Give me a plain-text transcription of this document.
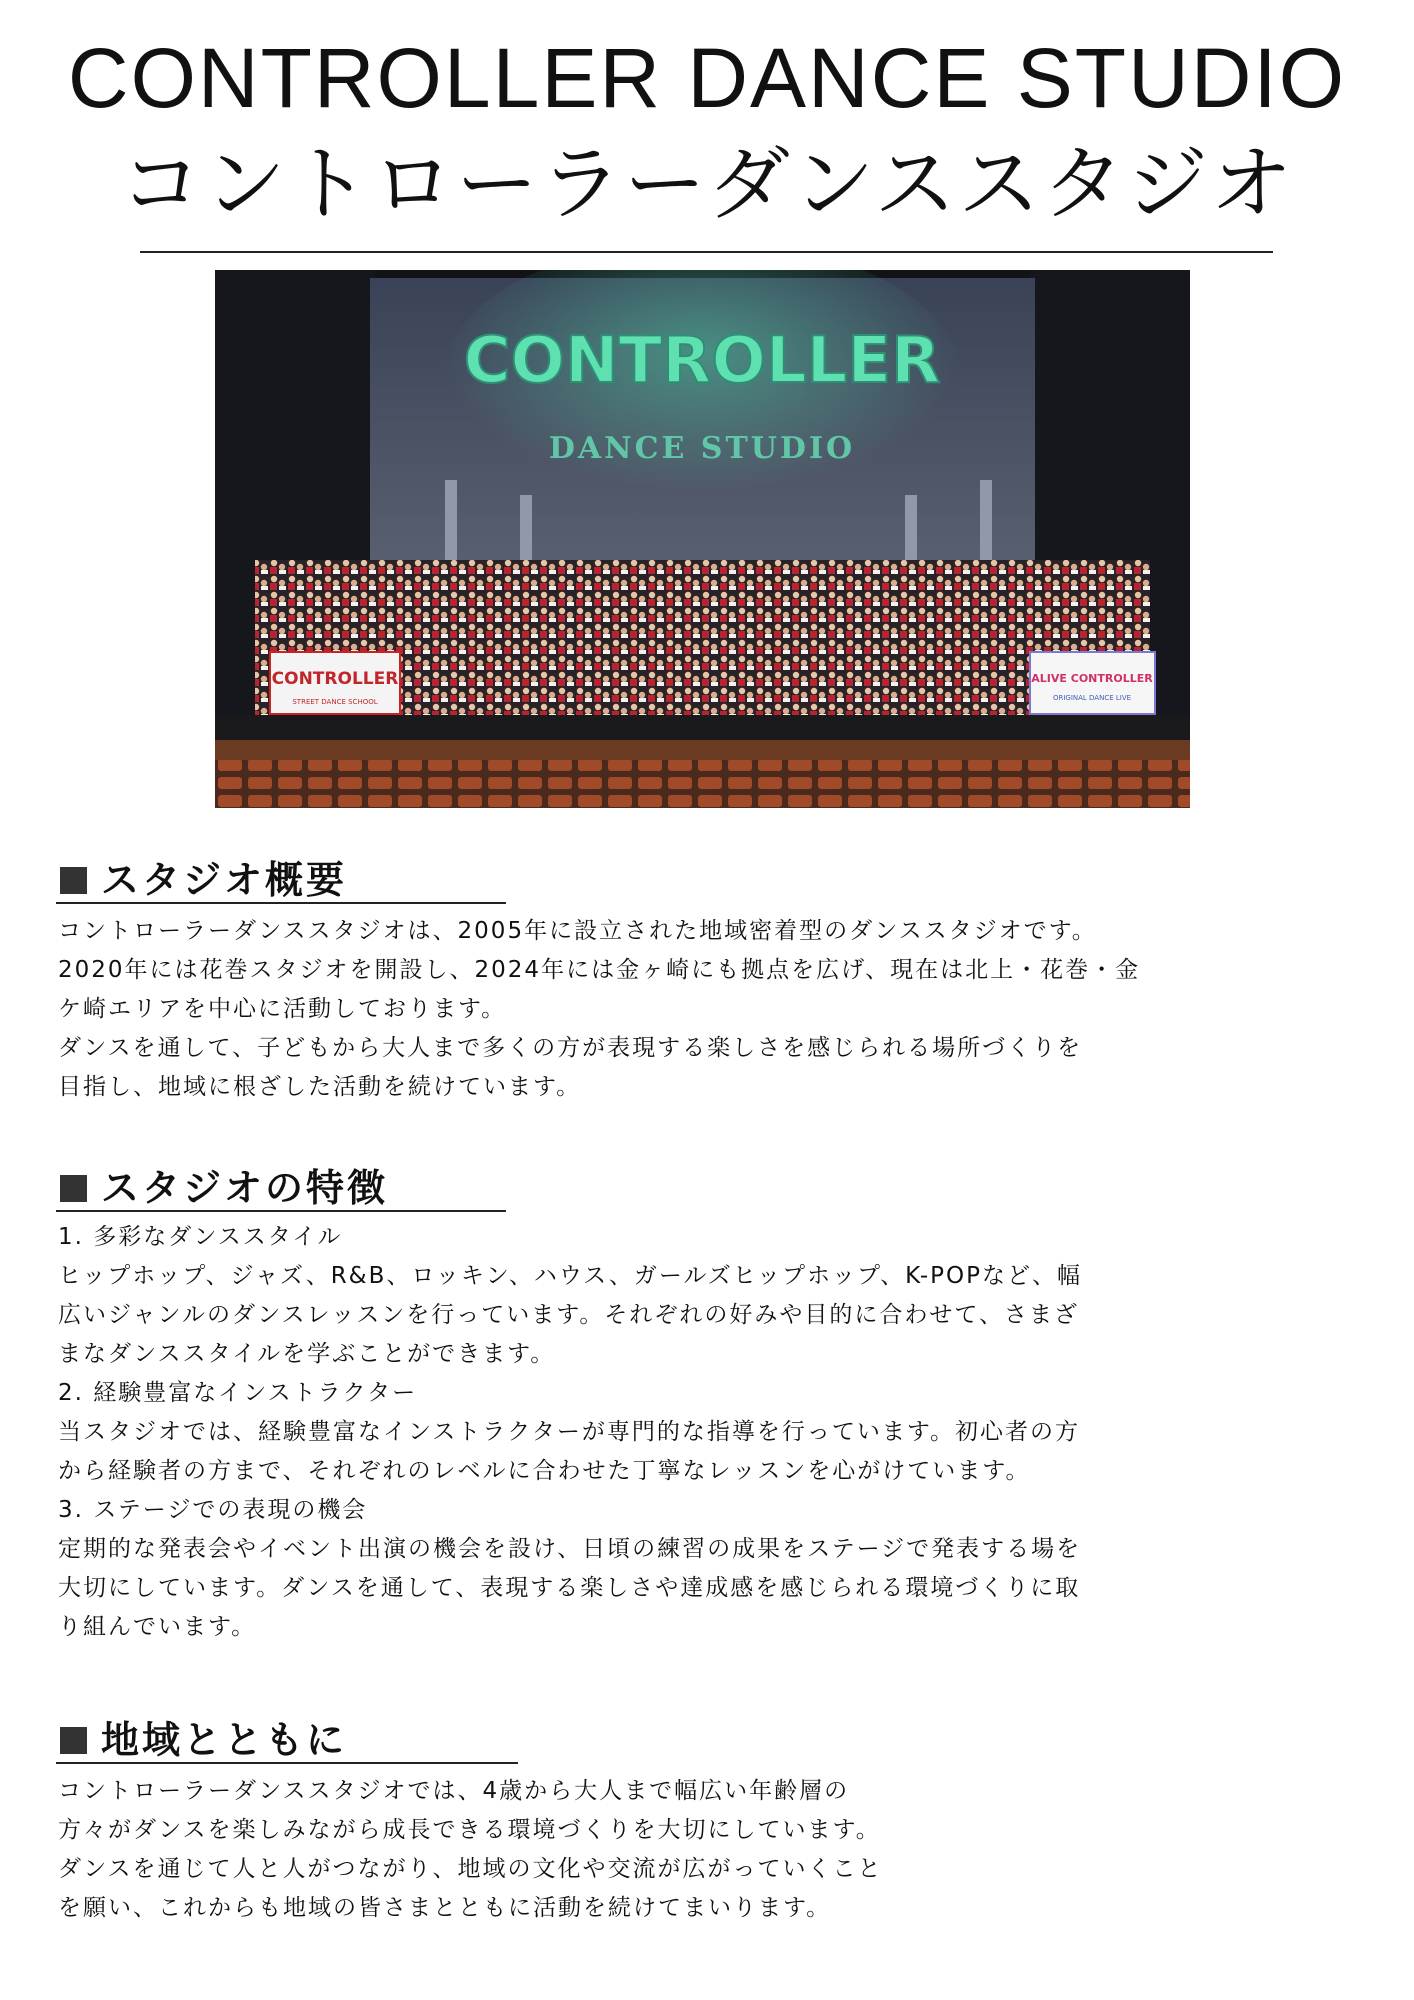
CONTROLLER DANCE STUDIO
コントローラーダンススタジオ
CONTROLLER
DANCE STUDIO
CONTROLLER
STREET DANCE SCHOOL
ALIVE CONTROLLER
ORIGINAL DANCE LIVE
スタジオ概要
コントローラーダンススタジオは、2005年に設立された地域密着型のダンススタジオです。
2020年には花巻スタジオを開設し、2024年には金ヶ崎にも拠点を広げ、現在は北上・花巻・金
ケ崎エリアを中心に活動しております。
ダンスを通して、子どもから大人まで多くの方が表現する楽しさを感じられる場所づくりを
目指し、地域に根ざした活動を続けています。
スタジオの特徴
1. 多彩なダンススタイル
ヒップホップ、ジャズ、R&B、ロッキン、ハウス、ガールズヒップホップ、K-POPなど、幅
広いジャンルのダンスレッスンを行っています。それぞれの好みや目的に合わせて、さまざ
まなダンススタイルを学ぶことができます。
2. 経験豊富なインストラクター
当スタジオでは、経験豊富なインストラクターが専門的な指導を行っています。初心者の方
から経験者の方まで、それぞれのレベルに合わせた丁寧なレッスンを心がけています。
3. ステージでの表現の機会
定期的な発表会やイベント出演の機会を設け、日頃の練習の成果をステージで発表する場を
大切にしています。ダンスを通して、表現する楽しさや達成感を感じられる環境づくりに取
り組んでいます。
地域とともに
コントローラーダンススタジオでは、4歳から大人まで幅広い年齢層の
方々がダンスを楽しみながら成長できる環境づくりを大切にしています。
ダンスを通じて人と人がつながり、地域の文化や交流が広がっていくこと
を願い、これからも地域の皆さまとともに活動を続けてまいります。
